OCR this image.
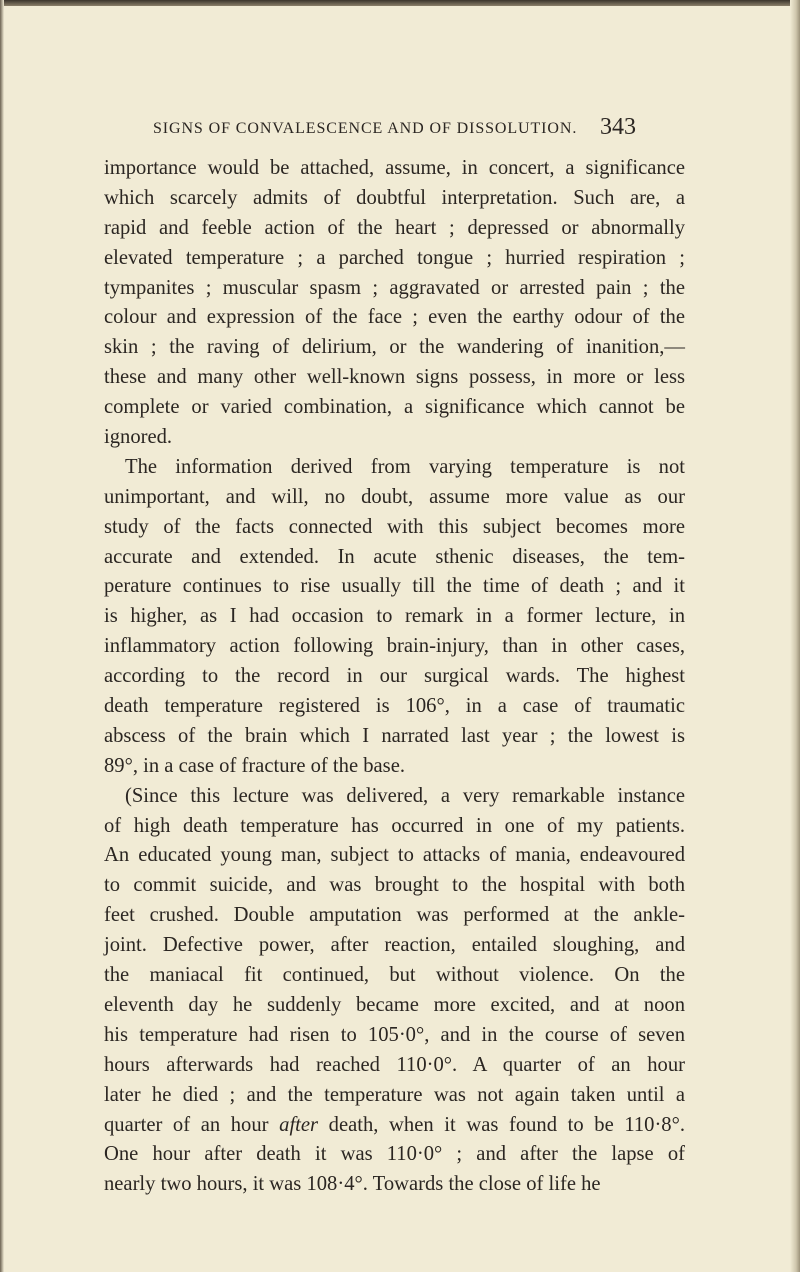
SIGNS OF CONVALESCENCE AND OF DISSOLUTION. 343
importance would be attached, assume, in concert, a significance
which scarcely admits of doubtful interpretation. Such are, a
rapid and feeble action of the heart ; depressed or abnormally
elevated temperature ; a parched tongue ; hurried respiration ;
tympanites ; muscular spasm ; aggravated or arrested pain ; the
colour and expression of the face ; even the earthy odour of the
skin ; the raving of delirium, or the wandering of inanition,—
these and many other well-known signs possess, in more or less
complete or varied combination, a significance which cannot be
ignored.
The information derived from varying temperature is not
unimportant, and will, no doubt, assume more value as our
study of the facts connected with this subject becomes more
accurate and extended. In acute sthenic diseases, the tem-
perature continues to rise usually till the time of death ; and it
is higher, as I had occasion to remark in a former lecture, in
inflammatory action following brain-injury, than in other cases,
according to the record in our surgical wards. The highest
death temperature registered is 106°, in a case of traumatic
abscess of the brain which I narrated last year ; the lowest is
89°, in a case of fracture of the base.
(Since this lecture was delivered, a very remarkable instance
of high death temperature has occurred in one of my patients.
An educated young man, subject to attacks of mania, endeavoured
to commit suicide, and was brought to the hospital with both
feet crushed. Double amputation was performed at the ankle-
joint. Defective power, after reaction, entailed sloughing, and
the maniacal fit continued, but without violence. On the
eleventh day he suddenly became more excited, and at noon
his temperature had risen to 105·0°, and in the course of seven
hours afterwards had reached 110·0°. A quarter of an hour
later he died ; and the temperature was not again taken until a
quarter of an hour after death, when it was found to be 110·8°.
One hour after death it was 110·0° ; and after the lapse of
nearly two hours, it was 108·4°. Towards the close of life he
